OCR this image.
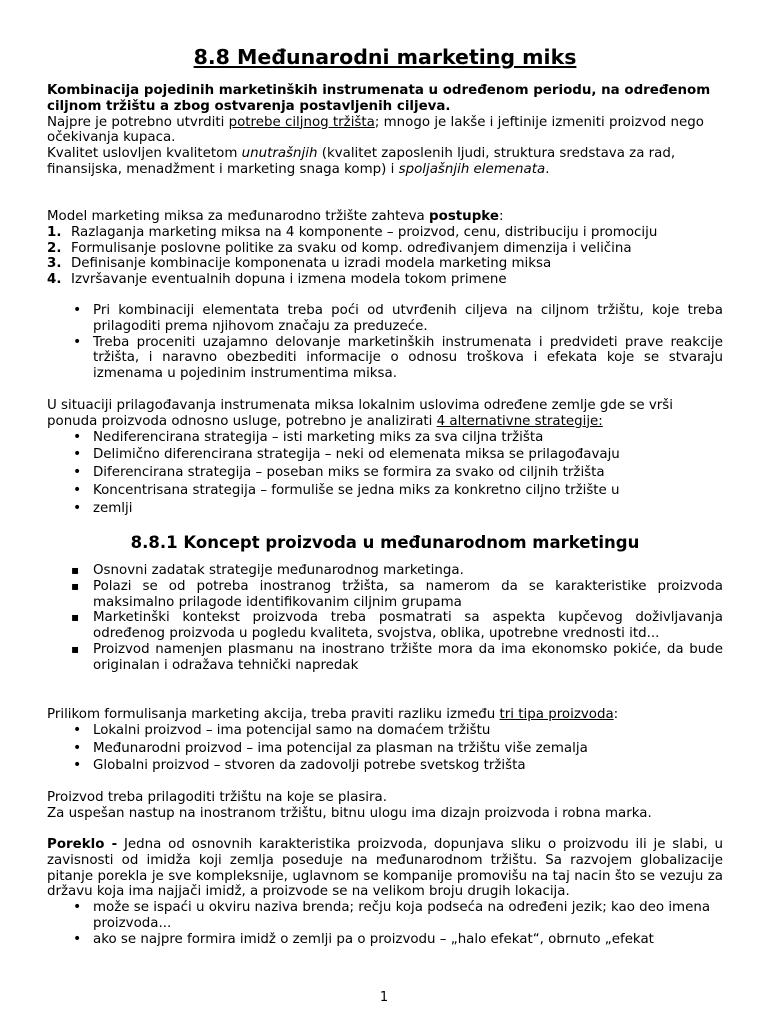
8.8 Međunarodni marketing miks

Kombinacija pojedinih marketinških instrumenata u određenom periodu, na određenom
ciljnom tržištu a zbog ostvarenja postavljenih ciljeva.

Najpre je potrebno utvrditi potrebe ciljnog tržišta; mnogo je lakše i jeftinije izmeniti proizvod nego očekivanja kupaca.

Kvalitet uslovljen kvalitetom unutrašnjih (kvalitet zaposlenih ljudi, struktura sredstava za rad, finansijska, menadžment i marketing snaga komp) i spoljašnjih elemenata.

Model marketing miksa za međunarodno tržište zahteva postupke:

1. Razlaganja marketing miksa na 4 komponente – proizvod, cenu, distribuciju i promociju
2. Formulisanje poslovne politike za svaku od komp. određivanjem dimenzija i veličina
3. Definisanje kombinacije komponenata u izradi modela marketing miksa
4. Izvršavanje eventualnih dopuna i izmena modela tokom primene
• Pri kombinaciji elementata treba poći od utvrđenih ciljeva na ciljnom tržištu, koje treba prilagoditi prema njihovom značaju za preduzeće.
• Treba proceniti uzajamno delovanje marketinških instrumenata i predvideti prave reakcije tržišta, i naravno obezbediti informacije o odnosu troškova i efekata koje se stvaraju izmenama u pojedinim instrumentima miksa.

U situaciji prilagođavanja instrumenata miksa lokalnim uslovima određene zemlje gde se vrši ponuda proizvoda odnosno usluge, potrebno je analizirati 4 alternativne strategije:

• Nediferencirana strategija – isti marketing miks za sva ciljna tržišta
• Delimično diferencirana strategija – neki od elemenata miksa se prilagođavaju
• Diferencirana strategija – poseban miks se formira za svako od ciljnih tržišta
• Koncentrisana strategija – formuliše se jedna miks za konkretno ciljno tržište u
• zemlji
8.8.1 Koncept proizvoda u međunarodnom marketingu
▪ Osnovni zadatak strategije međunarodnog marketinga.
▪ Polazi se od potreba inostranog tržišta, sa namerom da se karakteristike proizvoda maksimalno prilagode identifikovanim ciljnim grupama
▪ Marketinški kontekst proizvoda treba posmatrati sa aspekta kupčevog doživljavanja određenog proizvoda u pogledu kvaliteta, svojstva, oblika, upotrebne vrednosti itd...
▪ Proizvod namenjen plasmanu na inostrano tržište mora da ima ekonomsko pokiće, da bude originalan i odražava tehnički napredak

Prilikom formulisanja marketing akcija, treba praviti razliku između tri tipa proizvoda:

• Lokalni proizvod – ima potencijal samo na domaćem tržištu
• Međunarodni proizvod – ima potencijal za plasman na tržištu više zemalja
• Globalni proizvod – stvoren da zadovolji potrebe svetskog tržišta

Proizvod treba prilagoditi tržištu na koje se plasira.

Za uspešan nastup na inostranom tržištu, bitnu ulogu ima dizajn proizvoda i robna marka.

Poreklo - Jedna od osnovnih karakteristika proizvoda, dopunjava sliku o proizvodu ili je slabi, u zavisnosti od imidža koji zemlja poseduje na međunarodnom tržištu. Sa razvojem globalizacije pitanje porekla je sve kompleksnije, uglavnom se kompanije promovišu na taj nacin što se vezuju za državu koja ima najjači imidž, a proizvode se na velikom broju drugih lokacija.

• može se ispaći u okviru naziva brenda; rečju koja podseća na određeni jezik; kao deo imena proizvoda...
• ako se najpre formira imidž o zemlji pa o proizvodu – „halo efekat“, obrnuto „efekat
1
